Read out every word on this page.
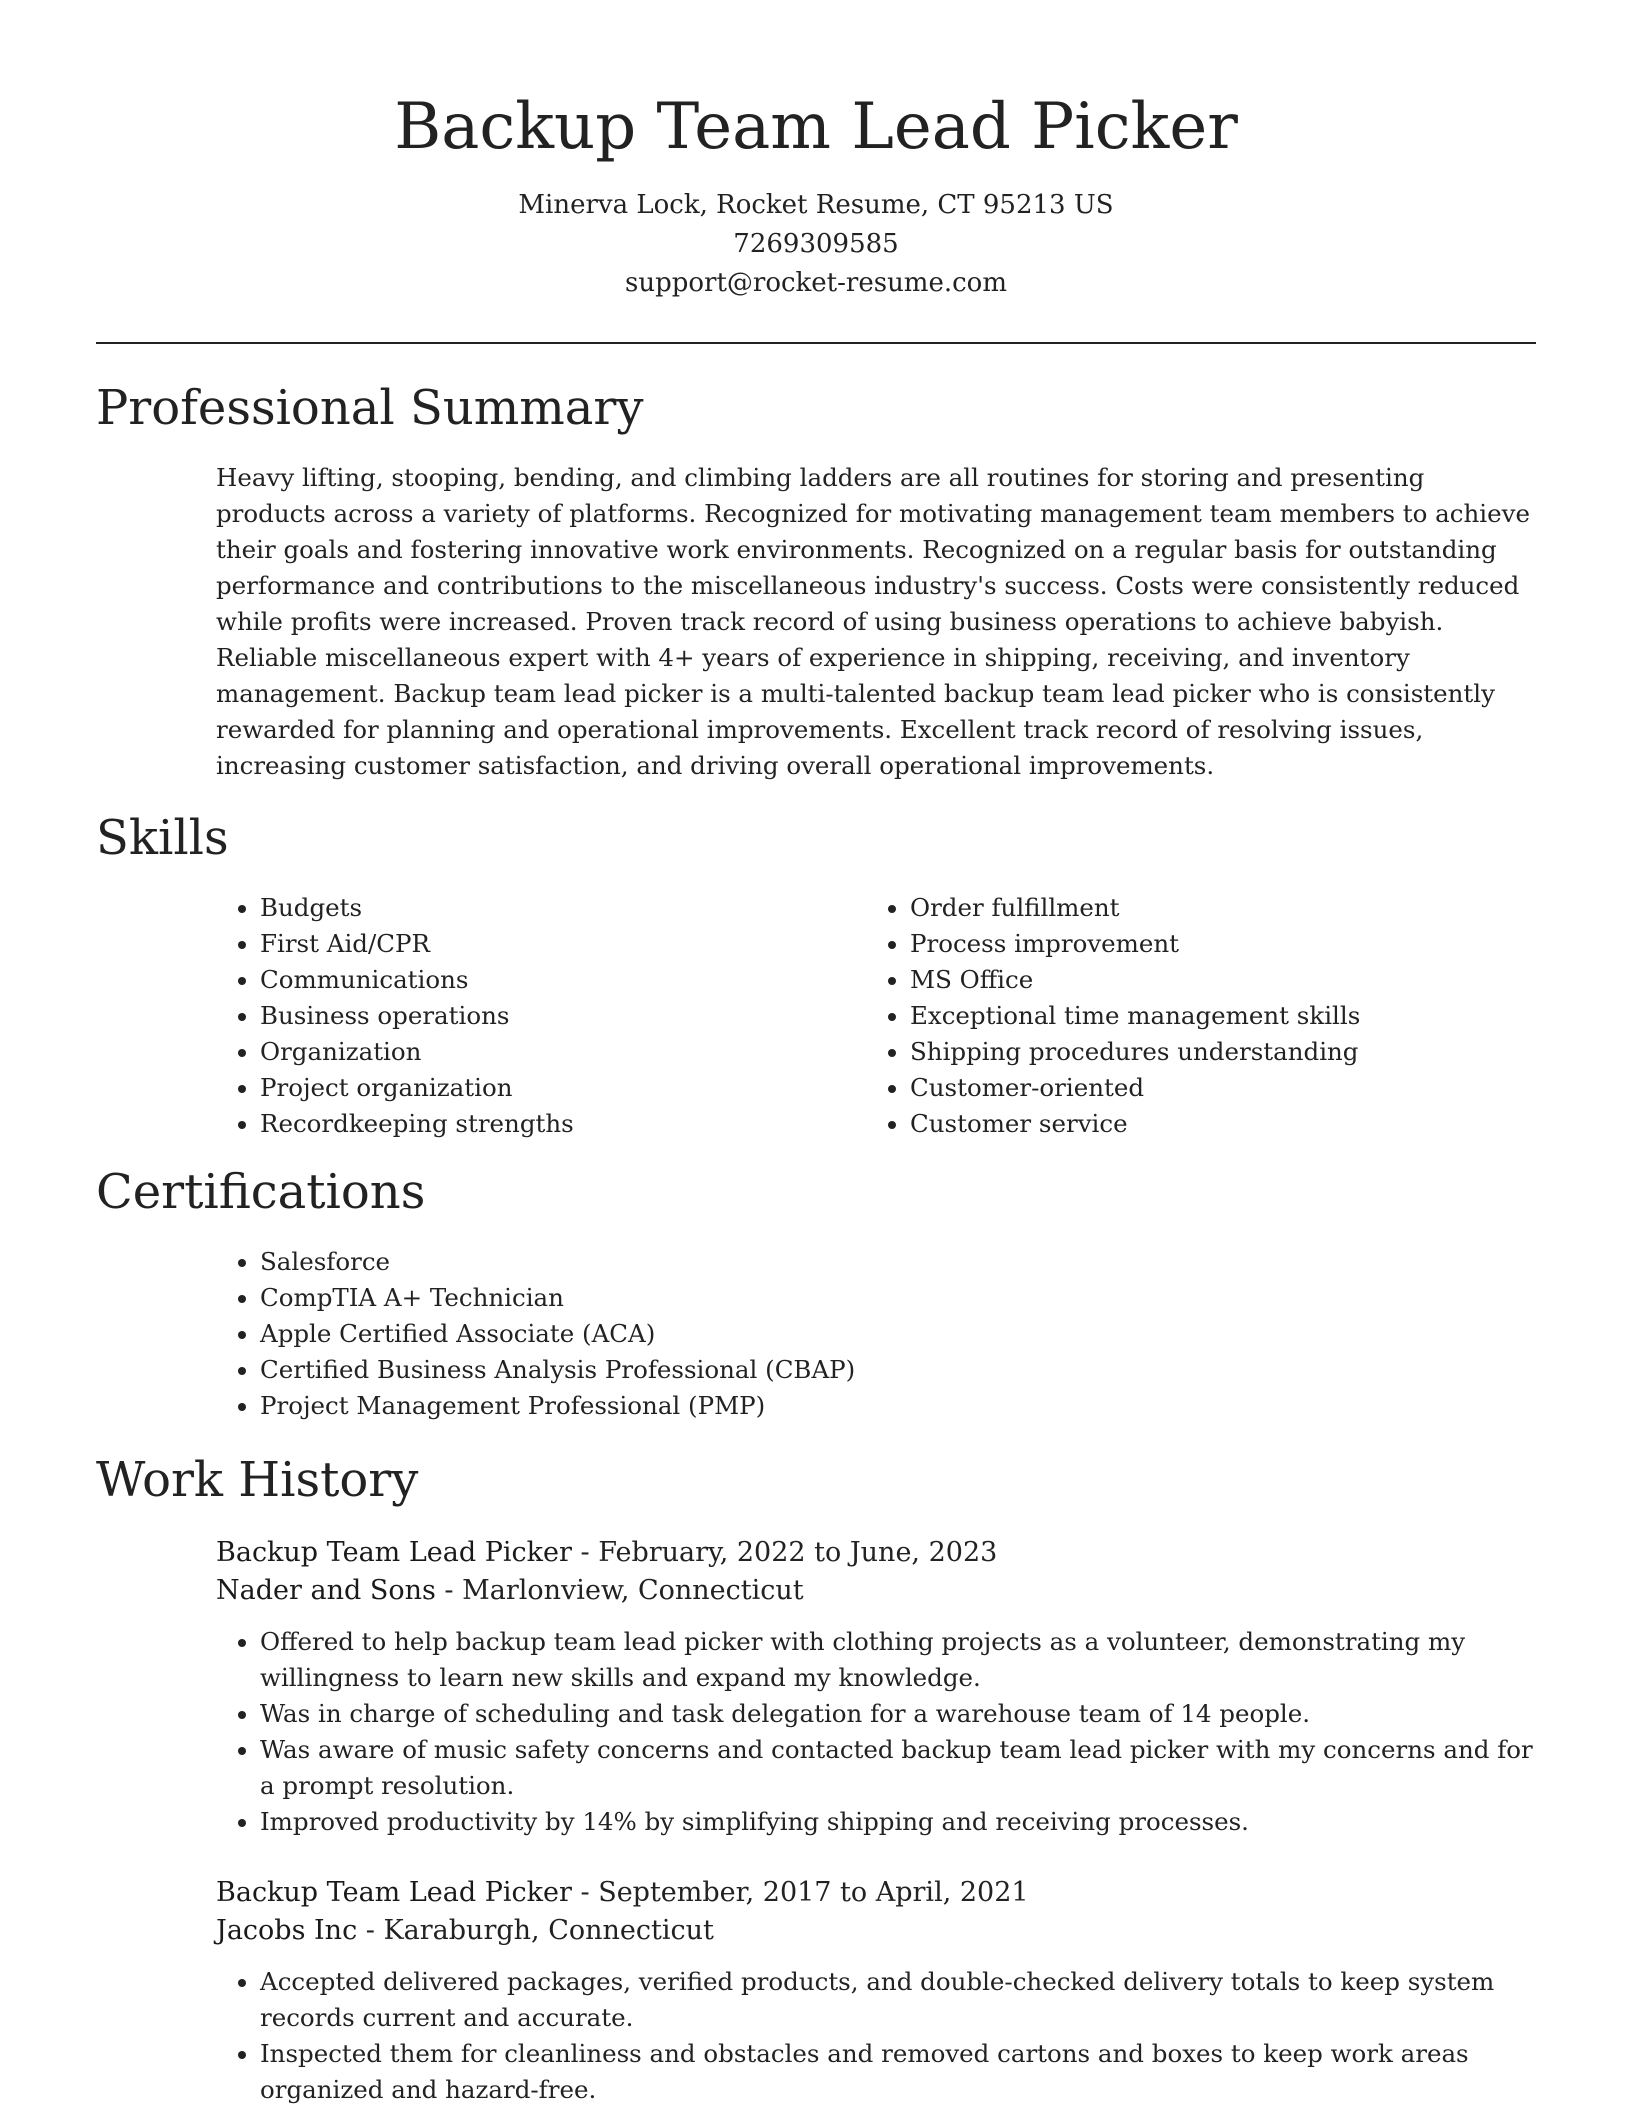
Backup Team Lead Picker
Minerva Lock, Rocket Resume, CT 95213 US
7269309585
support@rocket-resume.com
Professional Summary

Heavy lifting, stooping, bending, and climbing ladders are all routines for storing and presenting products across a variety of platforms. Recognized for motivating management team members to achieve their goals and fostering innovative work environments. Recognized on a regular basis for outstanding performance and contributions to the miscellaneous industry's success. Costs were consistently reduced while profits were increased. Proven track record of using business operations to achieve babyish. Reliable miscellaneous expert with 4+ years of experience in shipping, receiving, and inventory management. Backup team lead picker is a multi-talented backup team lead picker who is consistently rewarded for planning and operational improvements. Excellent track record of resolving issues, increasing customer satisfaction, and driving overall operational improvements.

Skills
• Budgets
• First Aid/CPR
• Communications
• Business operations
• Organization
• Project organization
• Recordkeeping strengths
• Order fulfillment
• Process improvement
• MS Office
• Exceptional time management skills
• Shipping procedures understanding
• Customer-oriented
• Customer service
Certifications
• Salesforce
• CompTIA A+ Technician
• Apple Certified Associate (ACA)
• Certified Business Analysis Professional (CBAP)
• Project Management Professional (PMP)
Work History
Backup Team Lead Picker - February, 2022 to June, 2023
Nader and Sons - Marlonview, Connecticut
• Offered to help backup team lead picker with clothing projects as a volunteer, demonstrating my willingness to learn new skills and expand my knowledge.
• Was in charge of scheduling and task delegation for a warehouse team of 14 people.
• Was aware of music safety concerns and contacted backup team lead picker with my concerns and for a prompt resolution.
• Improved productivity by 14% by simplifying shipping and receiving processes.
Backup Team Lead Picker - September, 2017 to April, 2021
Jacobs Inc - Karaburgh, Connecticut
• Accepted delivered packages, verified products, and double-checked delivery totals to keep system records current and accurate.
• Inspected them for cleanliness and obstacles and removed cartons and boxes to keep work areas organized and hazard-free.
